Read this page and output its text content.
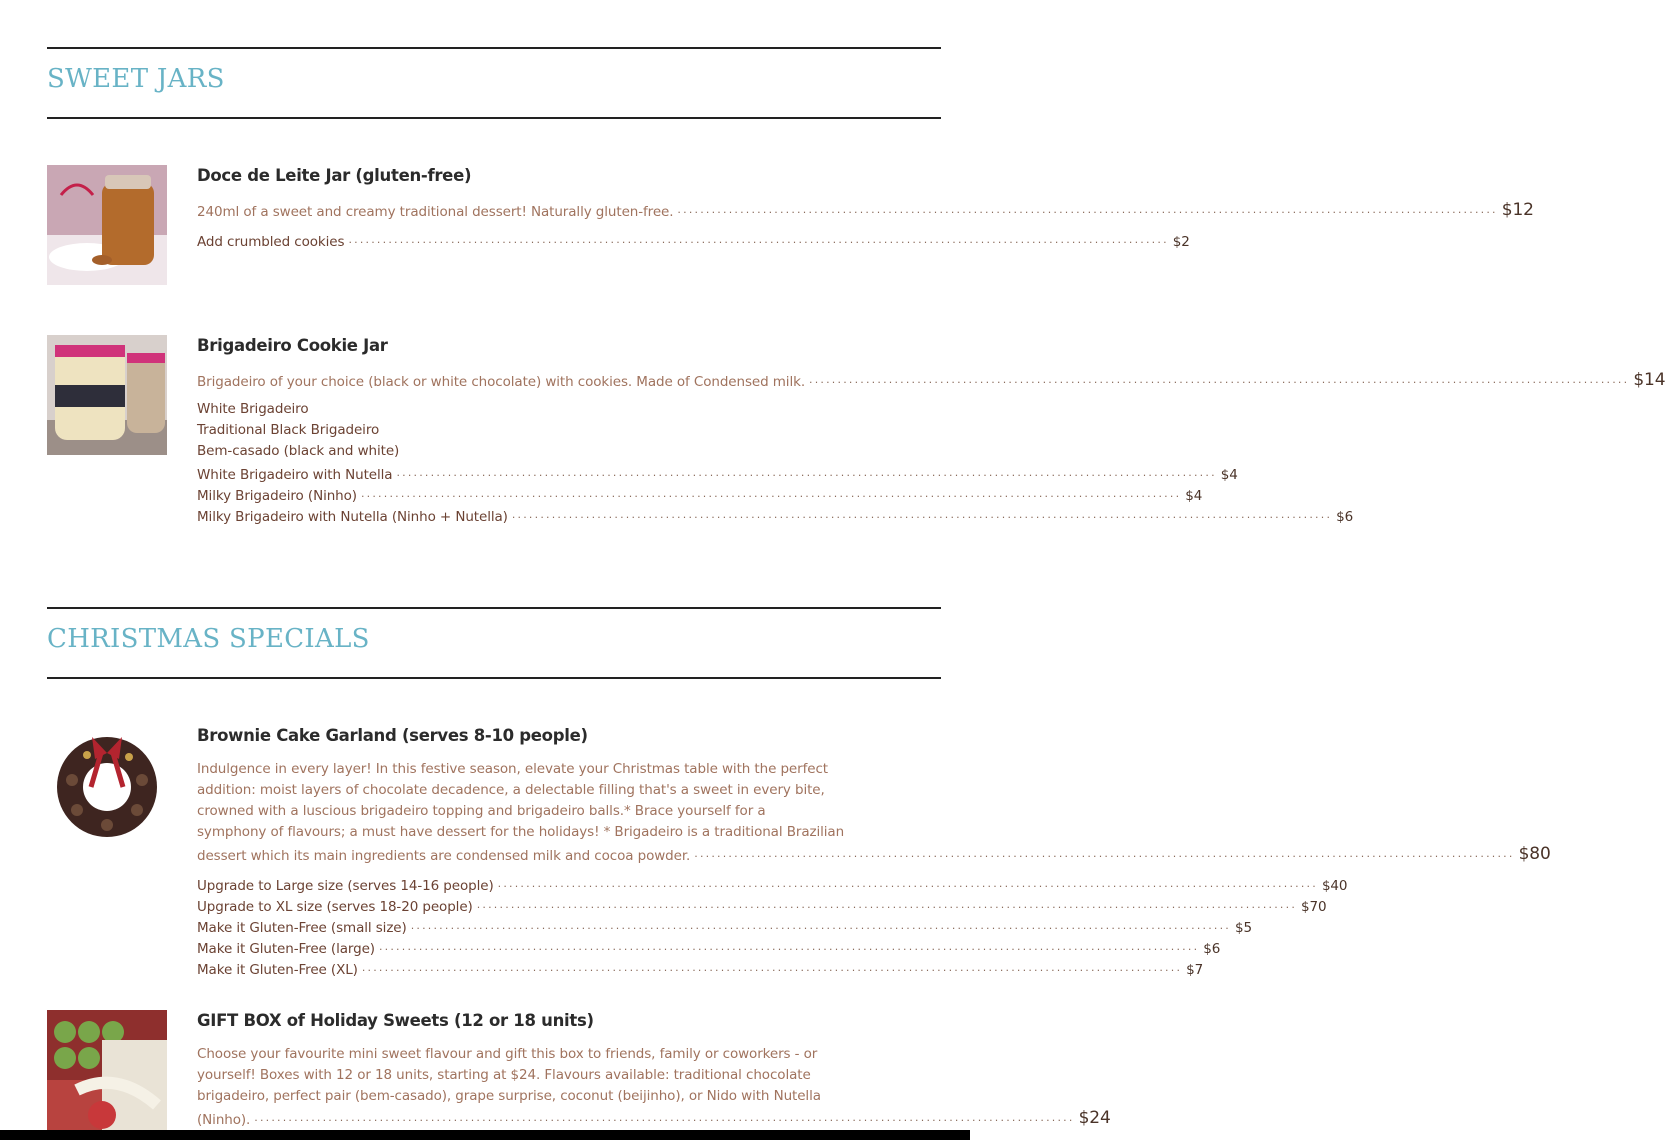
SWEET JARS
Doce de Leite Jar (gluten-free)
240ml of a sweet and creamy traditional dessert! Naturally gluten-free. ................................................................................................................................................ $12
Add crumbled cookies ................................................................................................................................................ $2
Brigadeiro Cookie Jar
Brigadeiro of your choice (black or white chocolate) with cookies. Made of Condensed milk. ................................................................................................................................................ $14
White Brigadeiro
Traditional Black Brigadeiro
Bem-casado (black and white)
White Brigadeiro with Nutella ................................................................................................................................................ $4
Milky Brigadeiro (Ninho) ................................................................................................................................................ $4
Milky Brigadeiro with Nutella (Ninho + Nutella) ................................................................................................................................................ $6
CHRISTMAS SPECIALS
Brownie Cake Garland (serves 8-10 people)
Indulgence in every layer! In this festive season, elevate your Christmas table with the perfect
addition: moist layers of chocolate decadence, a delectable filling that's a sweet in every bite,
crowned with a luscious brigadeiro topping and brigadeiro balls.* Brace yourself for a
symphony of flavours; a must have dessert for the holidays! * Brigadeiro is a traditional Brazilian
dessert which its main ingredients are condensed milk and cocoa powder. ................................................................................................................................................ $80
Upgrade to Large size (serves 14-16 people) ................................................................................................................................................ $40
Upgrade to XL size (serves 18-20 people) ................................................................................................................................................ $70
Make it Gluten-Free (small size) ................................................................................................................................................ $5
Make it Gluten-Free (large) ................................................................................................................................................ $6
Make it Gluten-Free (XL) ................................................................................................................................................ $7
GIFT BOX of Holiday Sweets (12 or 18 units)
Choose your favourite mini sweet flavour and gift this box to friends, family or coworkers - or
yourself! Boxes with 12 or 18 units, starting at $24. Flavours available: traditional chocolate
brigadeiro, perfect pair (bem-casado), grape surprise, coconut (beijinho), or Nido with Nutella
(Ninho). ................................................................................................................................................ $24
